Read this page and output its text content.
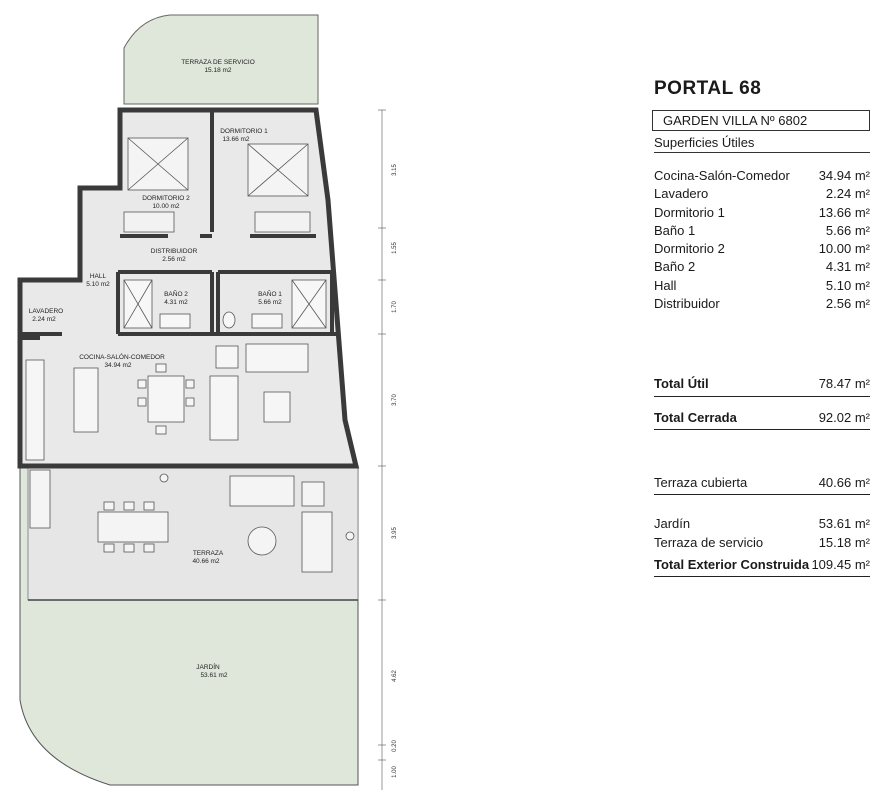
TERRAZA DE SERVICIO
15.18 m2
DORMITORIO 1
13.66 m2
DORMITORIO 2
10.00 m2
DISTRIBUIDOR
2.56 m2
HALL
5.10 m2
BAÑO 2
4.31 m2
BAÑO 1
5.66 m2
LAVADERO
2.24 m2
COCINA-SALÓN-COMEDOR
34.94 m2
TERRAZA
40.66 m2
JARDÍN
53.61 m2
3.15
1.55
1.70
3.70
3.95
4.62
0.20
1.00
PORTAL 68
GARDEN VILLA Nº 6802
Superficies Útiles
Cocina-Salón-Comedor 34.94 m²
Lavadero	2.24 m²
Dormitorio 1	13.66 m²
Baño 1	5.66 m²
Dormitorio 2	10.00 m²
Baño 2	4.31 m²
Hall	5.10 m²
Distribuidor	2.56 m²
Total Útil	78.47 m²
Total Cerrada	92.02 m²
Terraza cubierta	40.66 m²
Jardín	53.61 m²
Terraza de servicio	15.18 m²
Total Exterior Construida 109.45 m²
